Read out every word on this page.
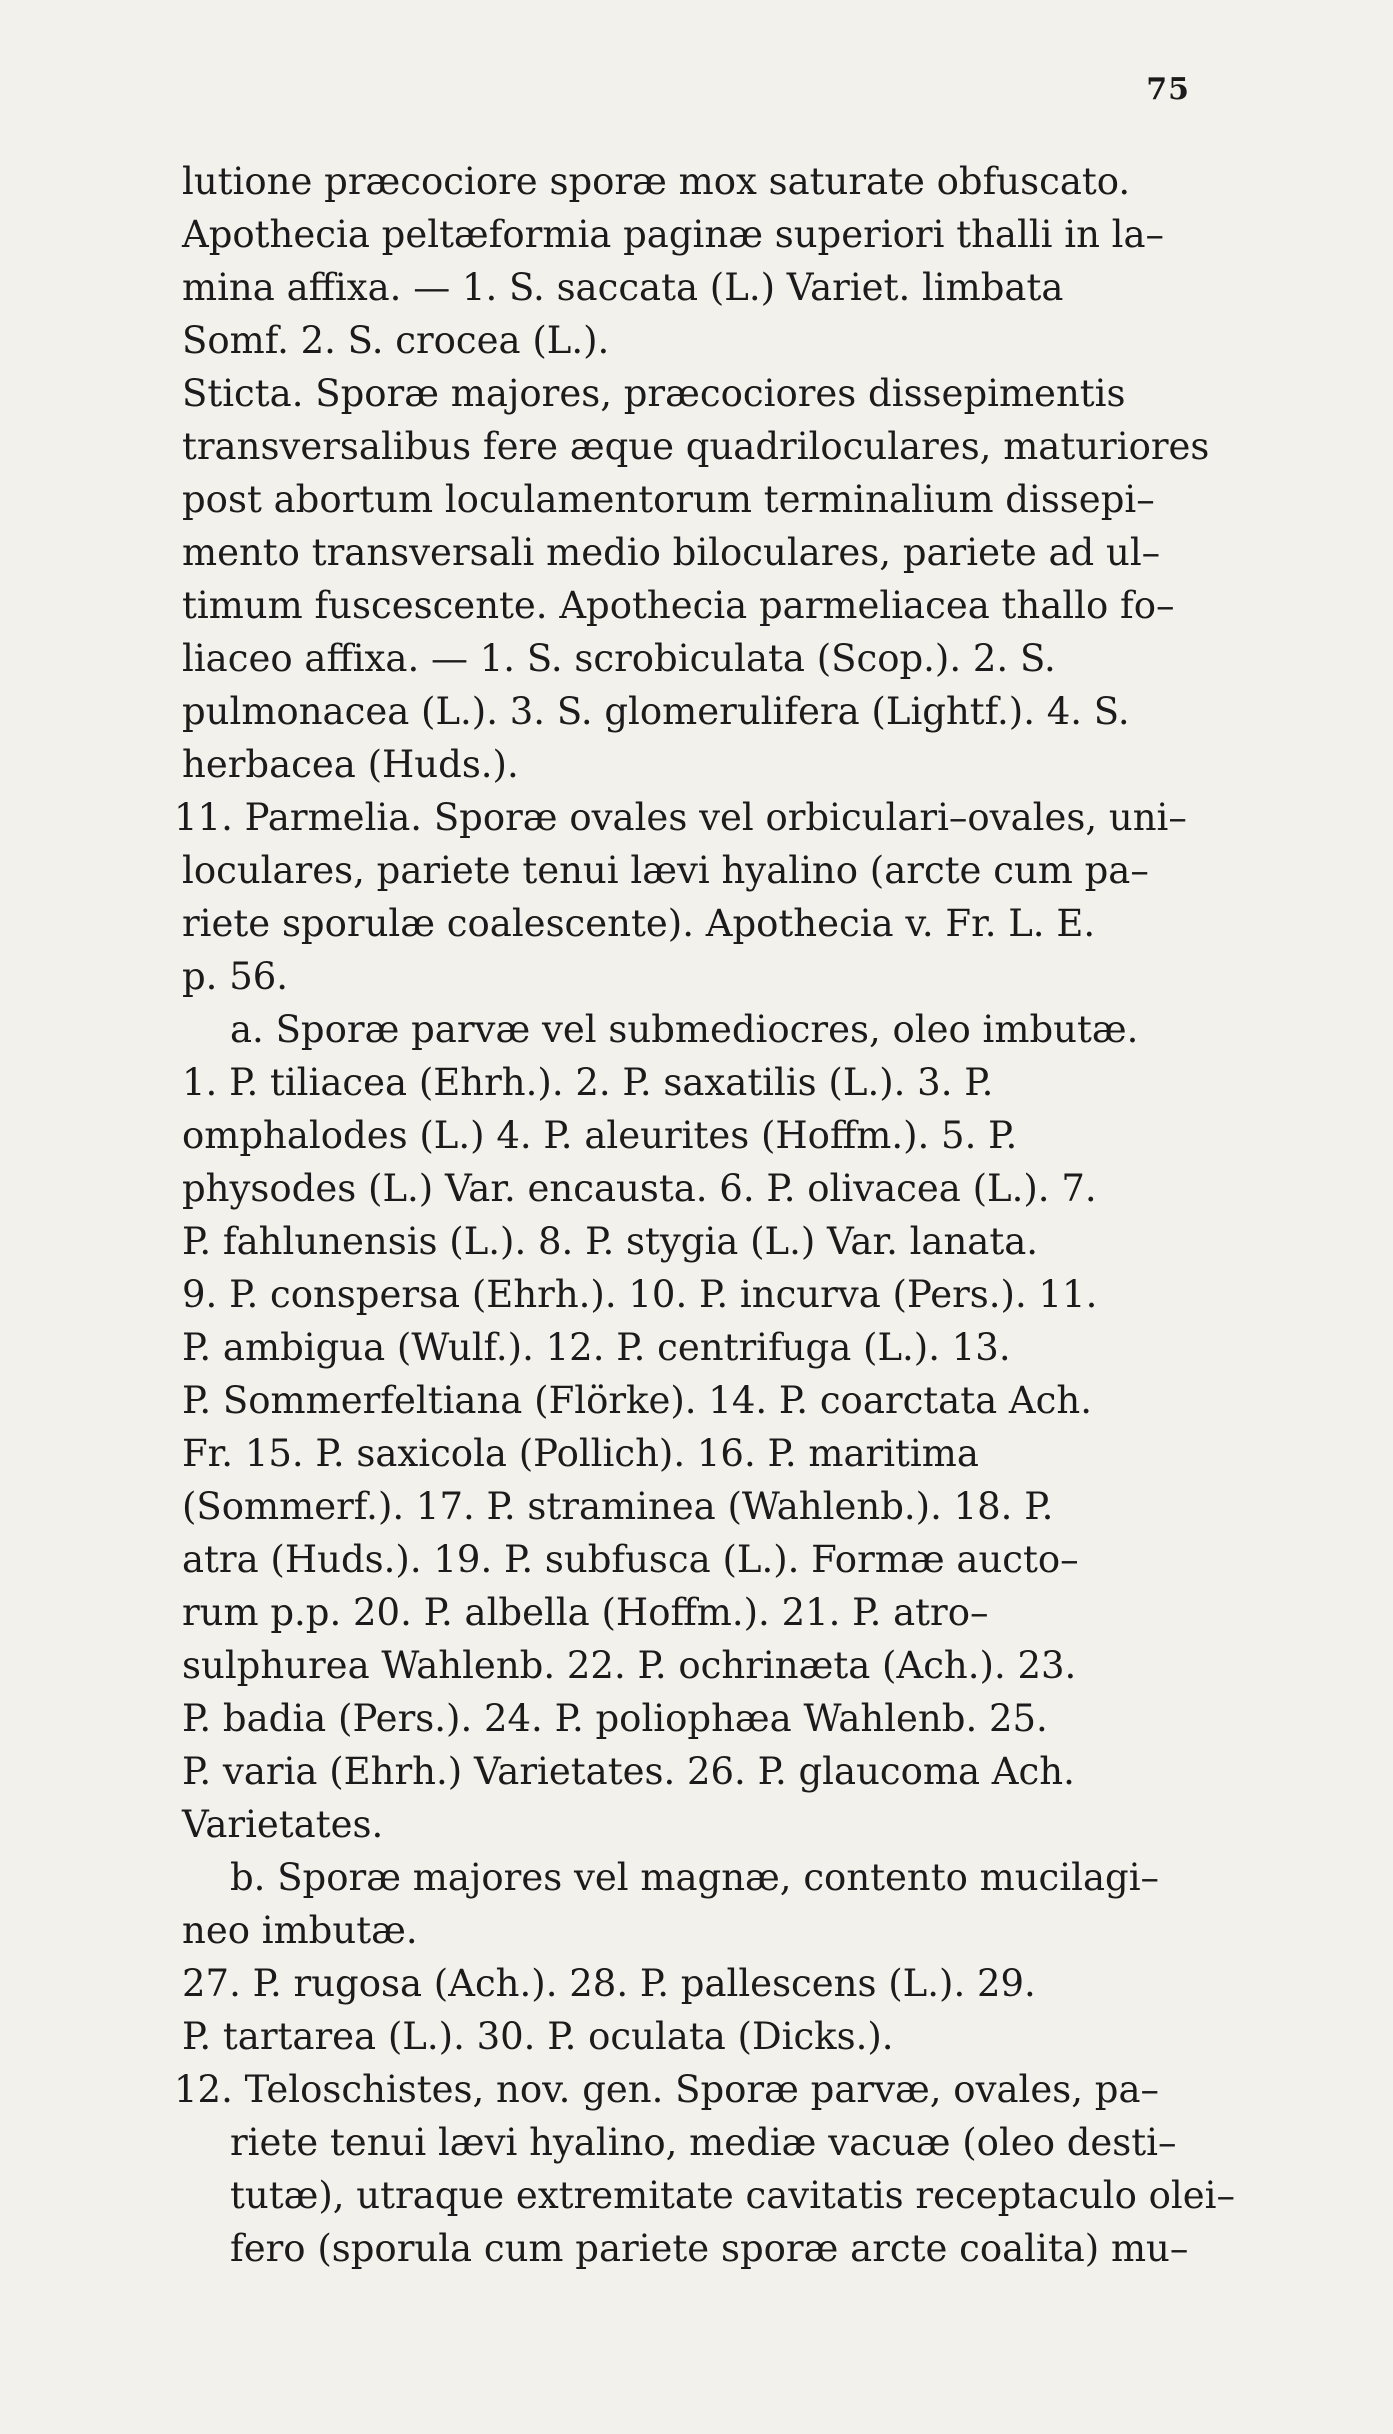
75
lutione præcociore sporæ mox saturate obfuscato.
Apothecia peltæformia paginæ superiori thalli in la–
mina affixa. — 1. S. saccata (L.) Variet. limbata
Somf. 2. S. crocea (L.).
Sticta. Sporæ majores, præcociores dissepimentis
transversalibus fere æque quadriloculares, maturiores
post abortum loculamentorum terminalium dissepi–
mento transversali medio biloculares, pariete ad ul–
timum fuscescente. Apothecia parmeliacea thallo fo–
liaceo affixa. — 1. S. scrobiculata (Scop.). 2. S.
pulmonacea (L.). 3. S. glomerulifera (Lightf.). 4. S.
herbacea (Huds.).
11. Parmelia. Sporæ ovales vel orbiculari–ovales, uni–
loculares, pariete tenui lævi hyalino (arcte cum pa–
riete sporulæ coalescente). Apothecia v. Fr. L. E.
p. 56.
a. Sporæ parvæ vel submediocres, oleo imbutæ.
1. P. tiliacea (Ehrh.). 2. P. saxatilis (L.). 3. P.
omphalodes (L.) 4. P. aleurites (Hoffm.). 5. P.
physodes (L.) Var. encausta. 6. P. olivacea (L.). 7.
P. fahlunensis (L.). 8. P. stygia (L.) Var. lanata.
9. P. conspersa (Ehrh.). 10. P. incurva (Pers.). 11.
P. ambigua (Wulf.). 12. P. centrifuga (L.). 13.
P. Sommerfeltiana (Flörke). 14. P. coarctata Ach.
Fr. 15. P. saxicola (Pollich). 16. P. maritima
(Sommerf.). 17. P. straminea (Wahlenb.). 18. P.
atra (Huds.). 19. P. subfusca (L.). Formæ aucto–
rum p.p. 20. P. albella (Hoffm.). 21. P. atro–
sulphurea Wahlenb. 22. P. ochrinæta (Ach.). 23.
P. badia (Pers.). 24. P. poliophæa Wahlenb. 25.
P. varia (Ehrh.) Varietates. 26. P. glaucoma Ach.
Varietates.
b. Sporæ majores vel magnæ, contento mucilagi–
neo imbutæ.
27. P. rugosa (Ach.). 28. P. pallescens (L.). 29.
P. tartarea (L.). 30. P. oculata (Dicks.).
12. Teloschistes, nov. gen. Sporæ parvæ, ovales, pa–
riete tenui lævi hyalino, mediæ vacuæ (oleo desti–
tutæ), utraque extremitate cavitatis receptaculo olei–
fero (sporula cum pariete sporæ arcte coalita) mu–
